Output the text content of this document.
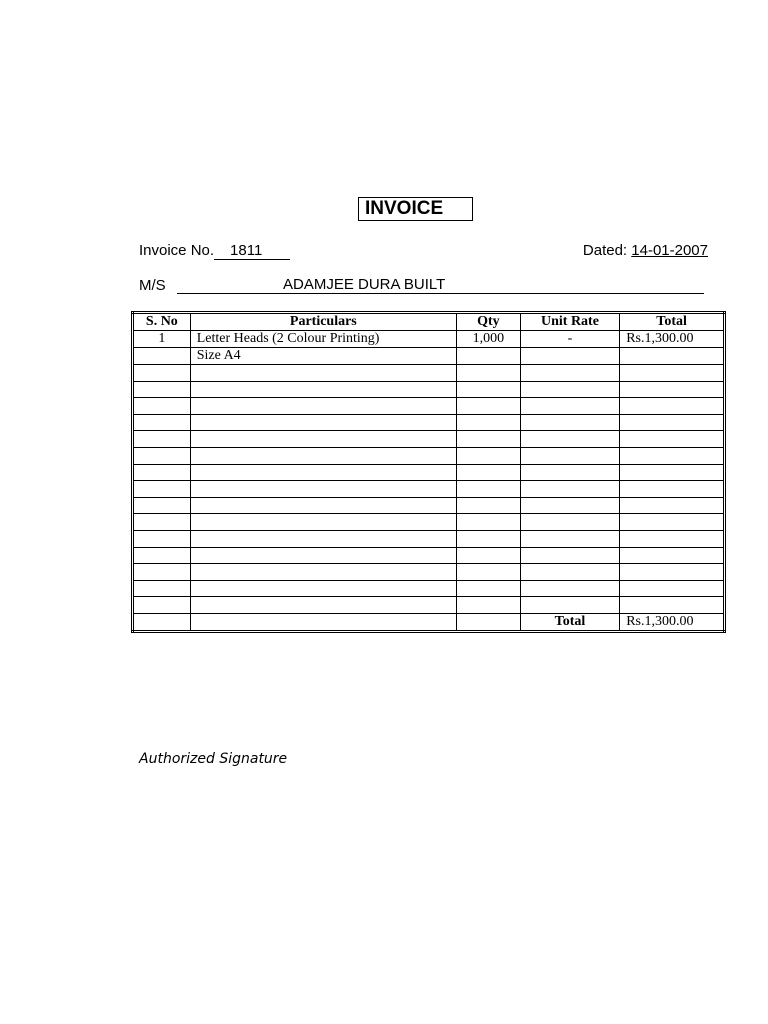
INVOICE
Invoice No. 1811	Dated: 14-01-2007
M/S	ADAMJEE DURA BUILT
S. No	Particulars	Qty	Unit Rate	Total
1	Letter Heads (2 Colour Printing)	1,000	-	Rs.1,300.00
	Size A4			

			Total	Rs.1,300.00
Authorized Signature
